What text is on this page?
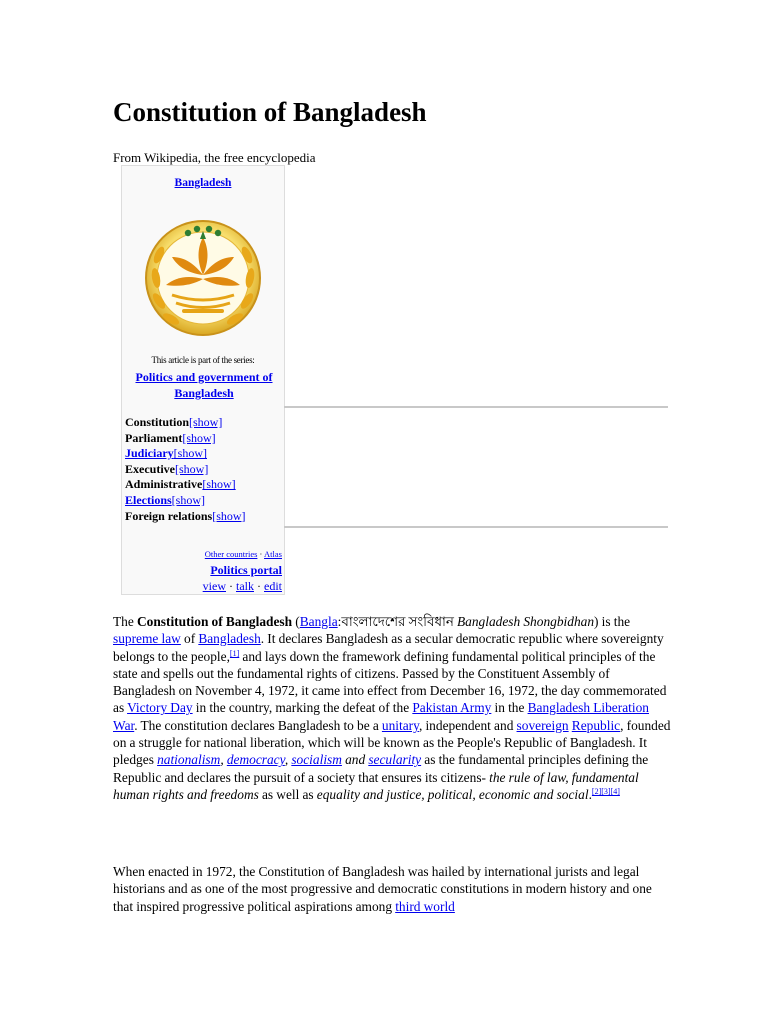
Constitution of Bangladesh
From Wikipedia, the free encyclopedia
Bangladesh
This article is part of the series:
Politics and government of Bangladesh
Constitution[show]
Parliament[show]
Judiciary[show]
Executive[show]
Administrative[show]
Elections[show]
Foreign relations[show]
Other countries · Atlas
Politics portal
view · talk · edit

The Constitution of Bangladesh (Bangla:বাংলাদেশের সংবিধান Bangladesh Shongbidhan) is the supreme law of Bangladesh. It declares Bangladesh as a secular democratic republic where sovereignty belongs to the people,[1] and lays down the framework defining fundamental political principles of the state and spells out the fundamental rights of citizens. Passed by the Constituent Assembly of Bangladesh on November 4, 1972, it came into effect from December 16, 1972, the day commemorated as Victory Day in the country, marking the defeat of the Pakistan Army in the Bangladesh Liberation War. The constitution declares Bangladesh to be a unitary, independent and sovereign Republic, founded on a struggle for national liberation, which will be known as the People's Republic of Bangladesh. It pledges nationalism, democracy, socialism and secularity as the fundamental principles defining the Republic and declares the pursuit of a society that ensures its citizens- the rule of law, fundamental human rights and freedoms as well as equality and justice, political, economic and social.[2][3][4]

When enacted in 1972, the Constitution of Bangladesh was hailed by international jurists and legal historians and as one of the most progressive and democratic constitutions in modern history and one that inspired progressive political aspirations among third world
